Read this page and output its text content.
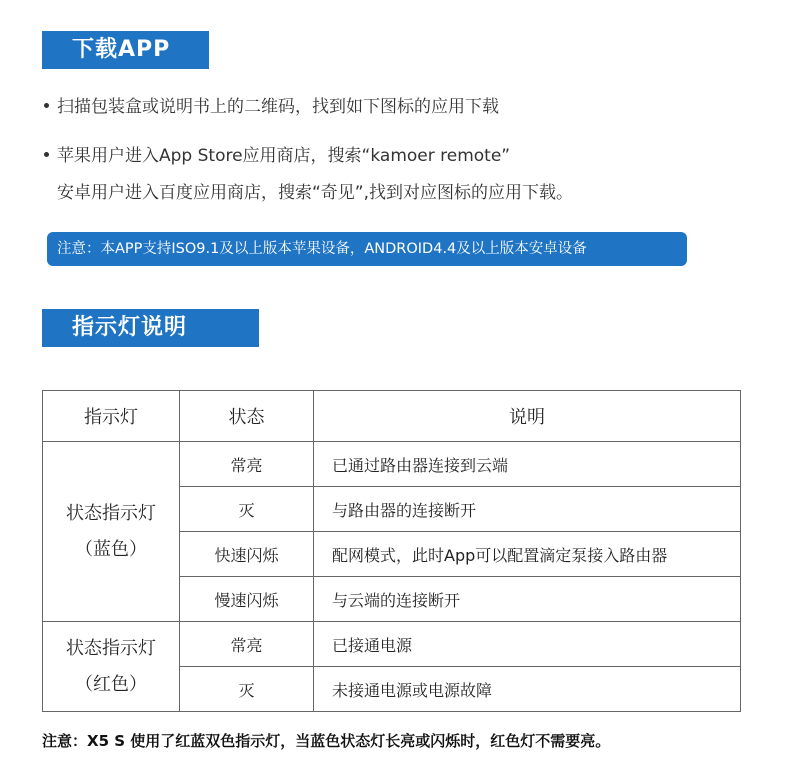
下载APP
扫描包装盒或说明书上的二维码，找到如下图标的应用下载
苹果用户进入App Store应用商店，搜索“kamoer remote”
安卓用户进入百度应用商店，搜索“奇见”,找到对应图标的应用下载。
注意：本APP支持ISO9.1及以上版本苹果设备，ANDROID4.4及以上版本安卓设备
指示灯说明
指示灯	状态	说明

状态指示灯
（蓝色）	常亮	已通过路由器连接到云端
	灭	与路由器的连接断开
	快速闪烁	配网模式，此时App可以配置滴定泵接入路由器
	慢速闪烁	与云端的连接断开

状态指示灯
（红色）	常亮	已接通电源
	灭	未接通电源或电源故障
注意：X5 S 使用了红蓝双色指示灯，当蓝色状态灯长亮或闪烁时，红色灯不需要亮。
